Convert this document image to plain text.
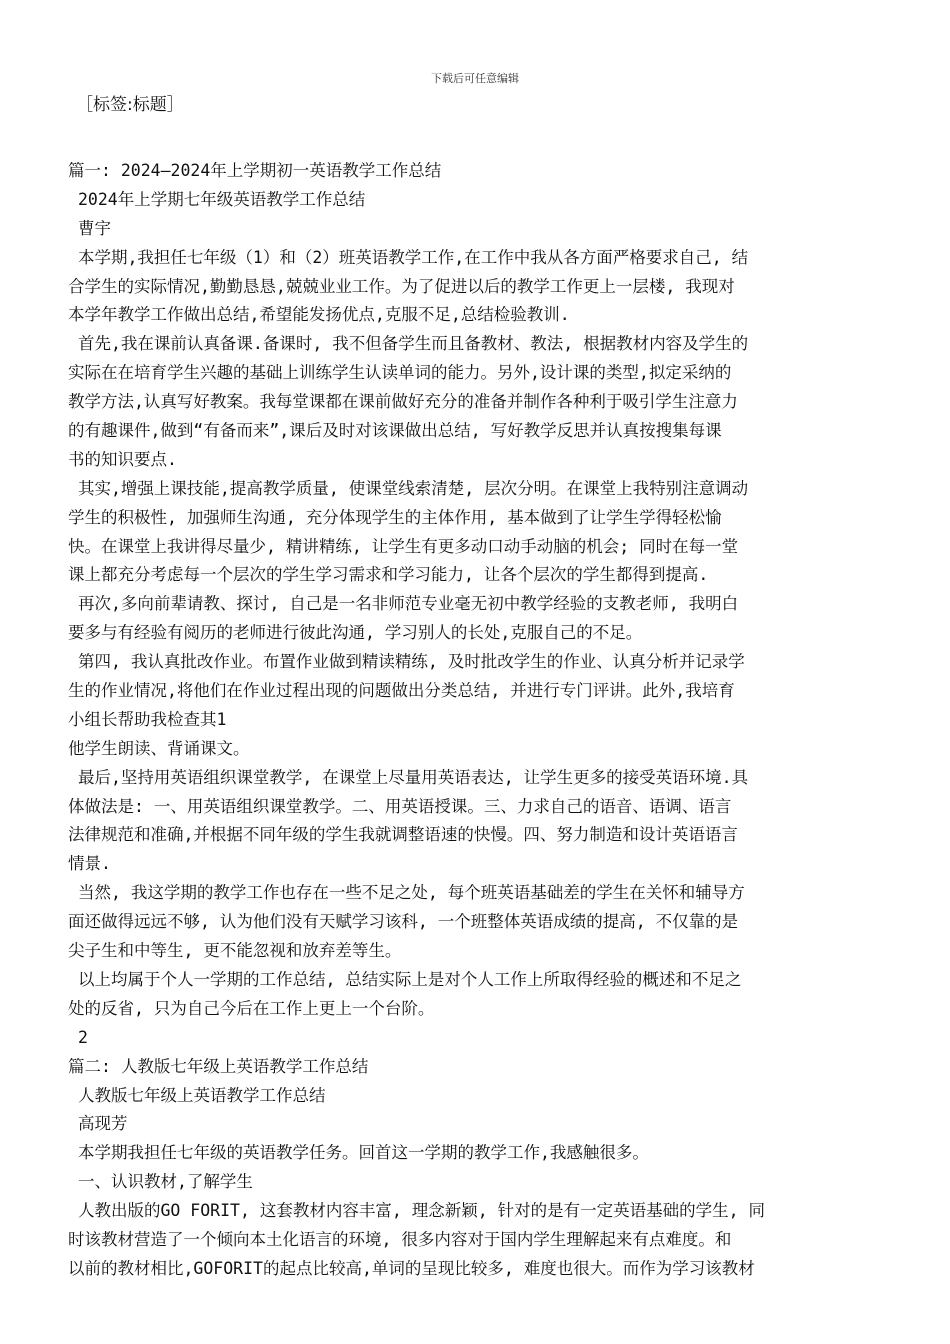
下载后可任意编辑
［标签:标题］
篇一: 2024—2024年上学期初一英语教学工作总结
2024年上学期七年级英语教学工作总结
曹宇
本学期,我担任七年级（1）和（2）班英语教学工作,在工作中我从各方面严格要求自己, 结
合学生的实际情况,勤勤恳恳,兢兢业业工作。为了促进以后的教学工作更上一层楼, 我现对
本学年教学工作做出总结,希望能发扬优点,克服不足,总结检验教训.
首先,我在课前认真备课.备课时, 我不但备学生而且备教材、教法, 根据教材内容及学生的
实际在在培育学生兴趣的基础上训练学生认读单词的能力。另外,设计课的类型,拟定采纳的
教学方法,认真写好教案。我每堂课都在课前做好充分的准备并制作各种利于吸引学生注意力
的有趣课件,做到“有备而来”,课后及时对该课做出总结, 写好教学反思并认真按搜集每课
书的知识要点.
其实,增强上课技能,提高教学质量, 使课堂线索清楚, 层次分明。在课堂上我特别注意调动
学生的积极性, 加强师生沟通, 充分体现学生的主体作用, 基本做到了让学生学得轻松愉
快。在课堂上我讲得尽量少, 精讲精练, 让学生有更多动口动手动脑的机会; 同时在每一堂
课上都充分考虑每一个层次的学生学习需求和学习能力, 让各个层次的学生都得到提高.
再次,多向前辈请教、探讨, 自己是一名非师范专业毫无初中教学经验的支教老师, 我明白
要多与有经验有阅历的老师进行彼此沟通, 学习别人的长处,克服自己的不足。
第四, 我认真批改作业。布置作业做到精读精练, 及时批改学生的作业、认真分析并记录学
生的作业情况,将他们在作业过程出现的问题做出分类总结, 并进行专门评讲。此外,我培育
小组长帮助我检查其1
他学生朗读、背诵课文。
最后,坚持用英语组织课堂教学, 在课堂上尽量用英语表达, 让学生更多的接受英语环境.具
体做法是: 一、用英语组织课堂教学。二、用英语授课。三、力求自己的语音、语调、语言
法律规范和准确,并根据不同年级的学生我就调整语速的快慢。四、努力制造和设计英语语言
情景.
当然, 我这学期的教学工作也存在一些不足之处, 每个班英语基础差的学生在关怀和辅导方
面还做得远远不够, 认为他们没有天赋学习该科, 一个班整体英语成绩的提高, 不仅靠的是
尖子生和中等生, 更不能忽视和放弃差等生。
以上均属于个人一学期的工作总结, 总结实际上是对个人工作上所取得经验的概述和不足之
处的反省, 只为自己今后在工作上更上一个台阶。
2
篇二: 人教版七年级上英语教学工作总结
人教版七年级上英语教学工作总结
高现芳
本学期我担任七年级的英语教学任务。回首这一学期的教学工作,我感触很多。
一、认识教材,了解学生
人教出版的GO FORIT, 这套教材内容丰富, 理念新颖, 针对的是有一定英语基础的学生, 同
时该教材营造了一个倾向本土化语言的环境, 很多内容对于国内学生理解起来有点难度。和
以前的教材相比,GOFORIT的起点比较高,单词的呈现比较多, 难度也很大。而作为学习该教材
